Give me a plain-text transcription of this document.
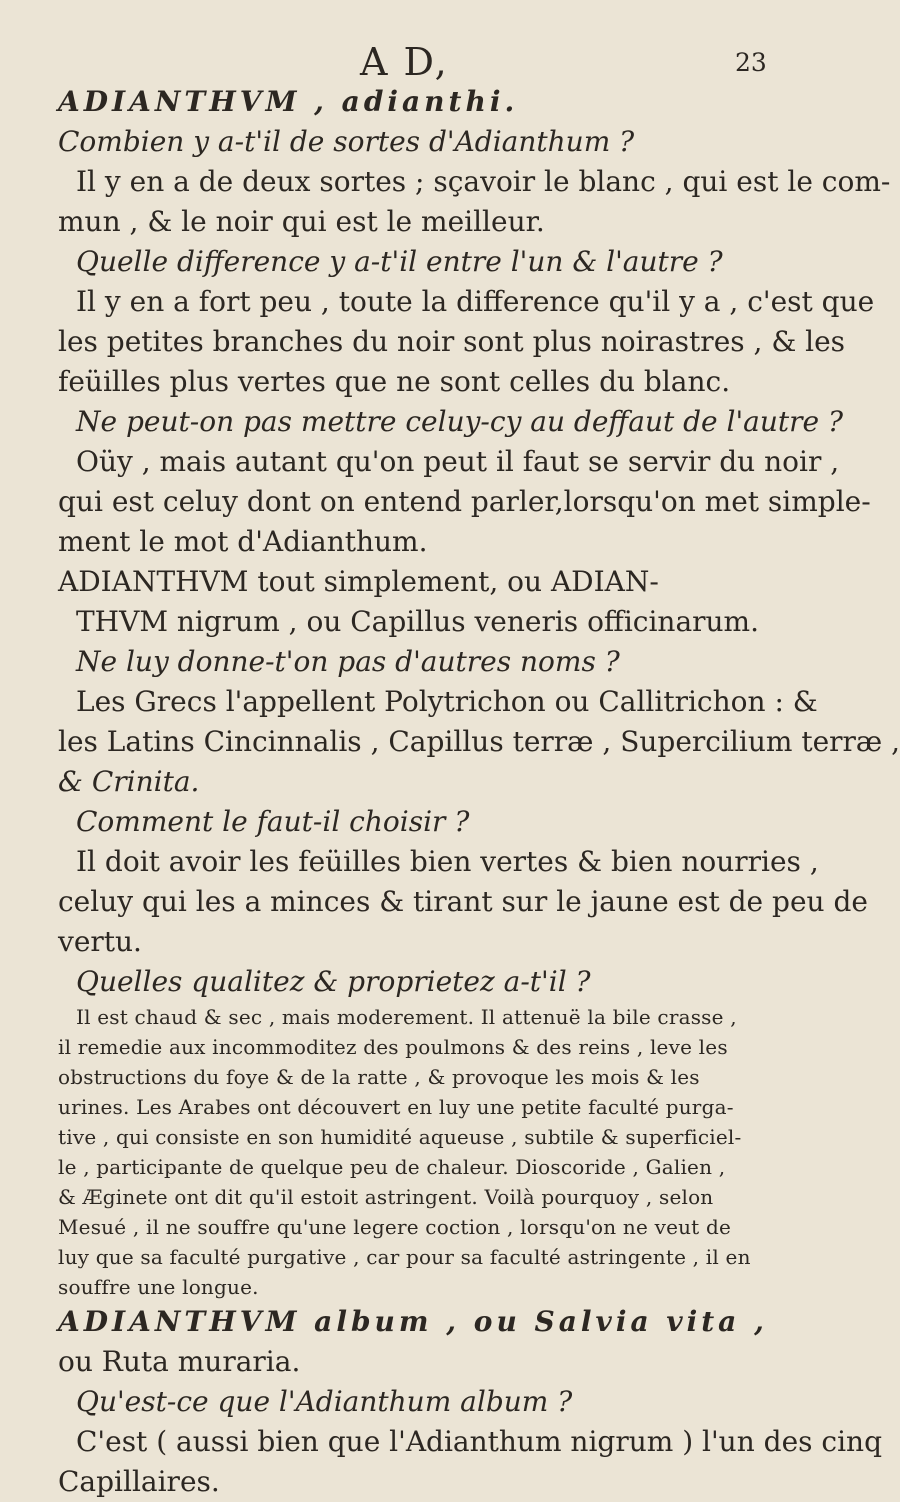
A D,	23
ADIANTHVM , adianthi.
Combien y a-t'il de sortes d'Adianthum ?
Il y en a de deux sortes ; sçavoir le blanc , qui est le com-
mun , & le noir qui est le meilleur.
Quelle difference y a-t'il entre l'un & l'autre ?
Il y en a fort peu , toute la difference qu'il y a , c'est que
les petites branches du noir sont plus noirastres , & les
feüilles plus vertes que ne sont celles du blanc.
Ne peut-on pas mettre celuy-cy au deffaut de l'autre ?
Oüy , mais autant qu'on peut il faut se servir du noir ,
qui est celuy dont on entend parler,lorsqu'on met simple-
ment le mot d'Adianthum.
ADIANTHVM tout simplement, ou ADIAN-
THVM nigrum , ou Capillus veneris officinarum.
Ne luy donne-t'on pas d'autres noms ?
Les Grecs l'appellent Polytrichon ou Callitrichon : &
les Latins Cincinnalis , Capillus terræ , Supercilium terræ ,
& Crinita.
Comment le faut-il choisir ?
Il doit avoir les feüilles bien vertes & bien nourries ,
celuy qui les a minces & tirant sur le jaune est de peu de
vertu.
Quelles qualitez & proprietez a-t'il ?
Il est chaud & sec , mais moderement. Il attenuë la bile crasse ,
il remedie aux incommoditez des poulmons & des reins , leve les
obstructions du foye & de la ratte , & provoque les mois & les
urines. Les Arabes ont découvert en luy une petite faculté purga-
tive , qui consiste en son humidité aqueuse , subtile & superficiel-
le , participante de quelque peu de chaleur. Dioscoride , Galien ,
& Æginete ont dit qu'il estoit astringent. Voilà pourquoy , selon
Mesué , il ne souffre qu'une legere coction , lorsqu'on ne veut de
luy que sa faculté purgative , car pour sa faculté astringente , il en
souffre une longue.
ADIANTHVM album , ou Salvia vita ,
ou Ruta muraria.
Qu'est-ce que l'Adianthum album ?
C'est ( aussi bien que l'Adianthum nigrum ) l'un des cinq
Capillaires.
